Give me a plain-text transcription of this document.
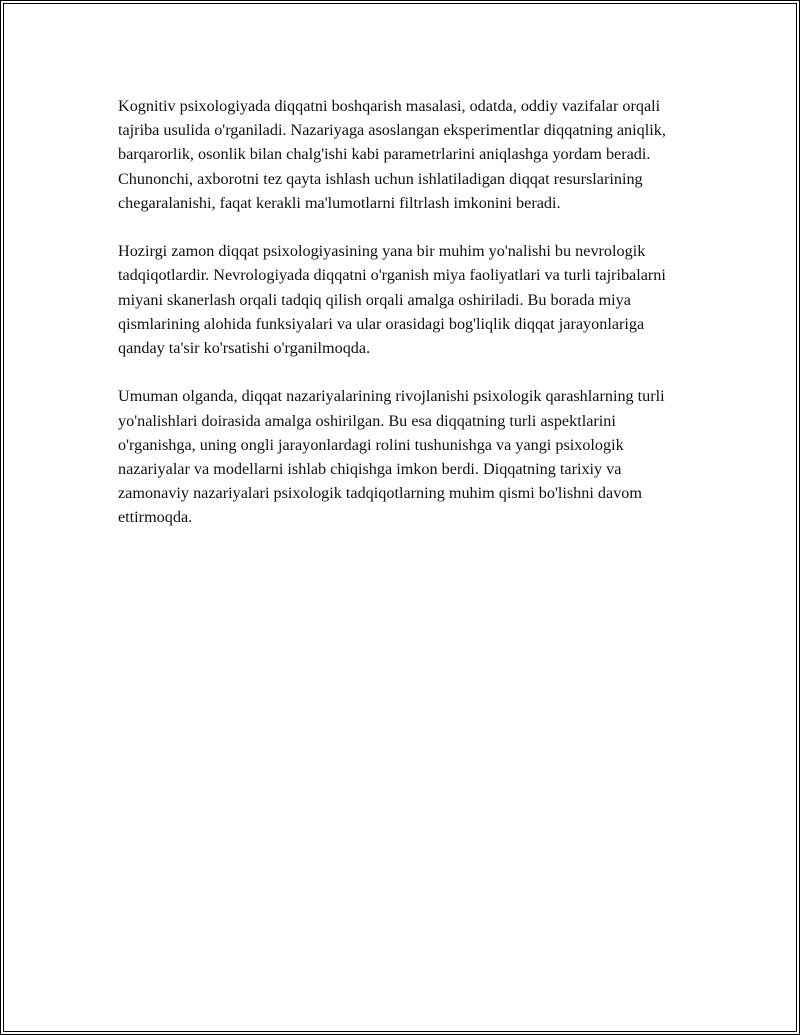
Kognitiv psixologiyada diqqatni boshqarish masalasi, odatda, oddiy vazifalar orqali tajriba usulida o'rganiladi. Nazariyaga asoslangan eksperimentlar diqqatning aniqlik, barqarorlik, osonlik bilan chalg'ishi kabi parametrlarini aniqlashga yordam beradi. Chunonchi, axborotni tez qayta ishlash uchun ishlatiladigan diqqat resurslarining chegaralanishi, faqat kerakli ma'lumotlarni filtrlash imkonini beradi.

Hozirgi zamon diqqat psixologiyasining yana bir muhim yo'nalishi bu nevrologik tadqiqotlardir. Nevrologiyada diqqatni o'rganish miya faoliyatlari va turli tajribalarni miyani skanerlash orqali tadqiq qilish orqali amalga oshiriladi. Bu borada miya qismlarining alohida funksiyalari va ular orasidagi bog'liqlik diqqat jarayonlariga qanday ta'sir ko'rsatishi o'rganilmoqda.

Umuman olganda, diqqat nazariyalarining rivojlanishi psixologik qarashlarning turli yo'nalishlari doirasida amalga oshirilgan. Bu esa diqqatning turli aspektlarini o'rganishga, uning ongli jarayonlardagi rolini tushunishga va yangi psixologik nazariyalar va modellarni ishlab chiqishga imkon berdi. Diqqatning tarixiy va zamonaviy nazariyalari psixologik tadqiqotlarning muhim qismi bo'lishni davom ettirmoqda.
